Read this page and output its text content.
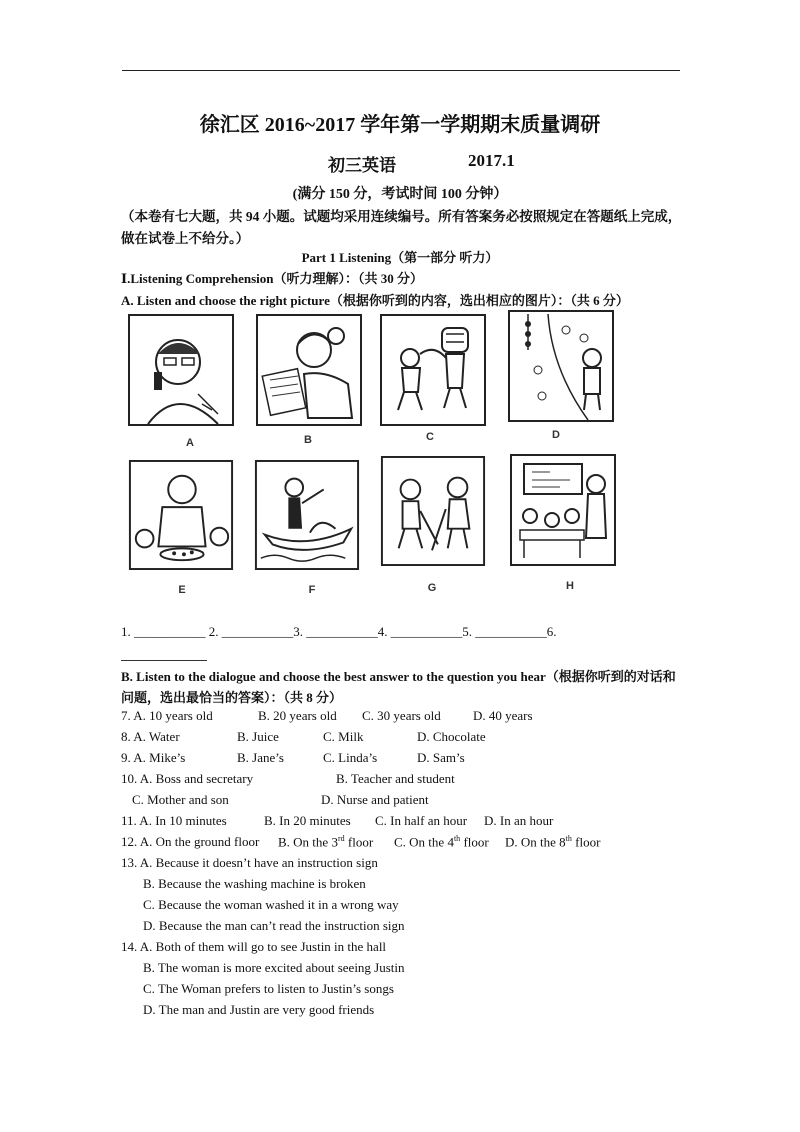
徐汇区 2016~2017 学年第一学期期末质量调研
初三英语	2017.1
(满分 150 分，考试时间 100 分钟）
（本卷有七大题，共 94 小题。试题均采用连续编号。所有答案务必按照规定在答题纸上完成，做在试卷上不给分。）
Part 1 Listening（第一部分 听力）
Ⅰ.Listening Comprehension（听力理解）：（共 30 分）
A. Listen and choose the right picture（根据你听到的内容，选出相应的图片）：（共 6 分）
A	B	C	D
E	F	G	H
1. ___________ 2. ___________3. ___________4. ___________5. ___________6.
B. Listen to the dialogue and choose the best answer to the question you hear（根据你听到的对话和问题，选出最恰当的答案）：（共 8 分）
7. A. 10 years old	B. 20 years old C. 30 years old D. 40 years
8. A. Water	B. Juice	C. Milk	D. Chocolate
9. A. Mike’s	B. Jane’s	C. Linda’s	D. Sam’s
10. A. Boss and secretary	B. Teacher and student
C. Mother and son	D. Nurse and patient
11. A. In 10 minutes	B. In 20 minutes C. In half an hour D. In an hour
12. A. On the ground floor B. On the 3rd floor C. On the 4th floor D. On the 8th floor
13. A. Because it doesn’t have an instruction sign
B. Because the washing machine is broken
C. Because the woman washed it in a wrong way
D. Because the man can’t read the instruction sign
14. A. Both of them will go to see Justin in the hall
B. The woman is more excited about seeing Justin
C. The Woman prefers to listen to Justin’s songs
D. The man and Justin are very good friends
